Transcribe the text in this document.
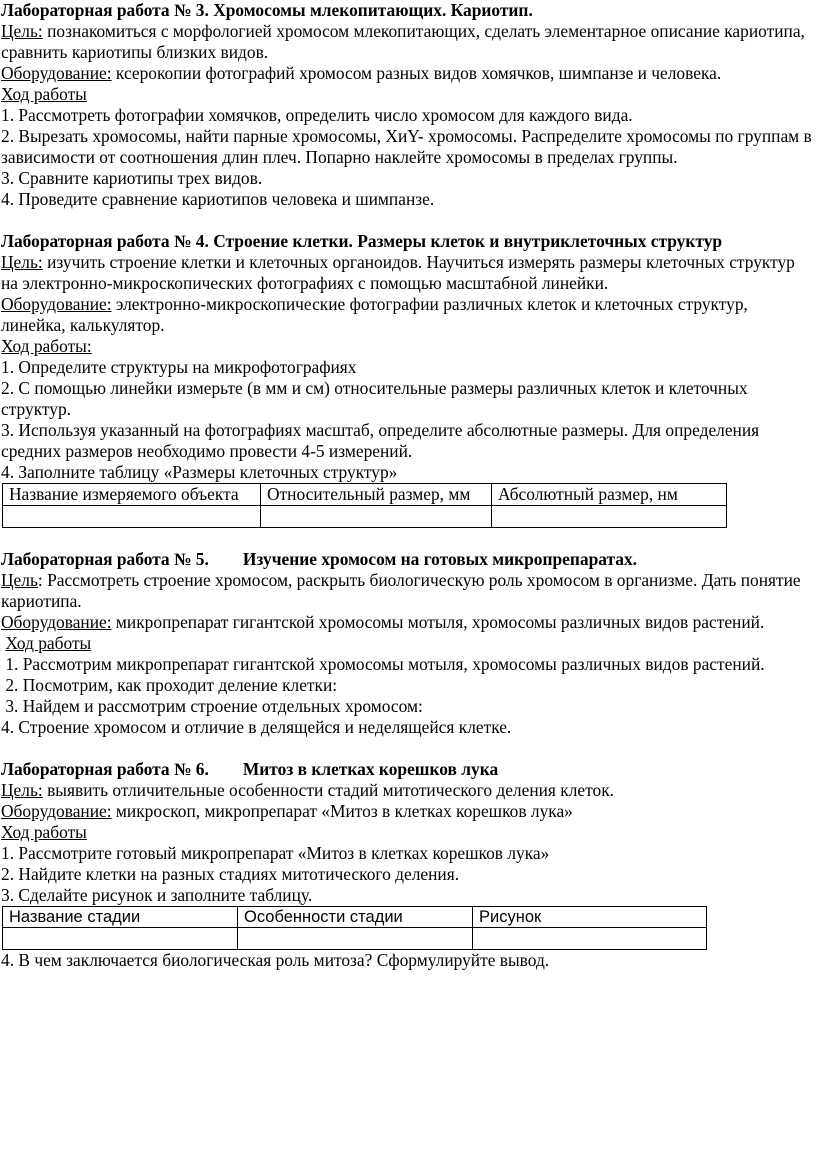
Лабораторная работа № 3. Хромосомы млекопитающих. Кариотип.

Цель: познакомиться с морфологией хромосом млекопитающих, сделать элементарное описание кариотипа, сравнить кариотипы близких видов.

Оборудование: ксерокопии фотографий хромосом разных видов хомячков, шимпанзе и человека.

Ход работы

1. Рассмотреть фотографии хомячков, определить число хромосом для каждого вида.

2. Вырезать хромосомы, найти парные хромосомы, ХиY- хромосомы. Распределите хромосомы по группам в зависимости от соотношения длин плеч. Попарно наклейте хромосомы в пределах группы.

3. Сравните кариотипы трех видов.

4. Проведите сравнение кариотипов человека и шимпанзе.

Лабораторная работа № 4. Строение клетки. Размеры клеток и внутриклеточных структур

Цель: изучить строение клетки и клеточных органоидов. Научиться измерять размеры клеточных структур на электронно-микроскопических фотографиях с помощью масштабной линейки.

Оборудование: электронно-микроскопические фотографии различных клеток и клеточных структур, линейка, калькулятор.

Ход работы:

1. Определите структуры на микрофотографиях

2. С помощью линейки измерьте (в мм и см) относительные размеры различных клеток и клеточных структур.

3. Используя указанный на фотографиях масштаб, определите абсолютные размеры. Для определения средних размеров необходимо провести 4-5 измерений.

4. Заполните таблицу «Размеры клеточных структур»

Название измеряемого объекта	Относительный размер, мм	Абсолютный размер, нм

Лабораторная работа № 5. Изучение хромосом на готовых микропрепаратах.

Цель: Рассмотреть строение хромосом, раскрыть биологическую роль хромосом в организме. Дать понятие кариотипа.

Оборудование: микропрепарат гигантской хромосомы мотыля, хромосомы различных видов растений.

Ход работы

1. Рассмотрим микропрепарат гигантской хромосомы мотыля, хромосомы различных видов растений.

2. Посмотрим, как проходит деление клетки:

3. Найдем и рассмотрим строение отдельных хромосом:

4. Строение хромосом и отличие в делящейся и неделящейся клетке.

Лабораторная работа № 6. Митоз в клетках корешков лука

Цель: выявить отличительные особенности стадий митотического деления клеток.

Оборудование: микроскоп, микропрепарат «Митоз в клетках корешков лука»

Ход работы

1. Рассмотрите готовый микропрепарат «Митоз в клетках корешков лука»

2. Найдите клетки на разных стадиях митотического деления.

3. Сделайте рисунок и заполните таблицу.

Название стадии	Особенности стадии	Рисунок

4. В чем заключается биологическая роль митоза? Сформулируйте вывод.
